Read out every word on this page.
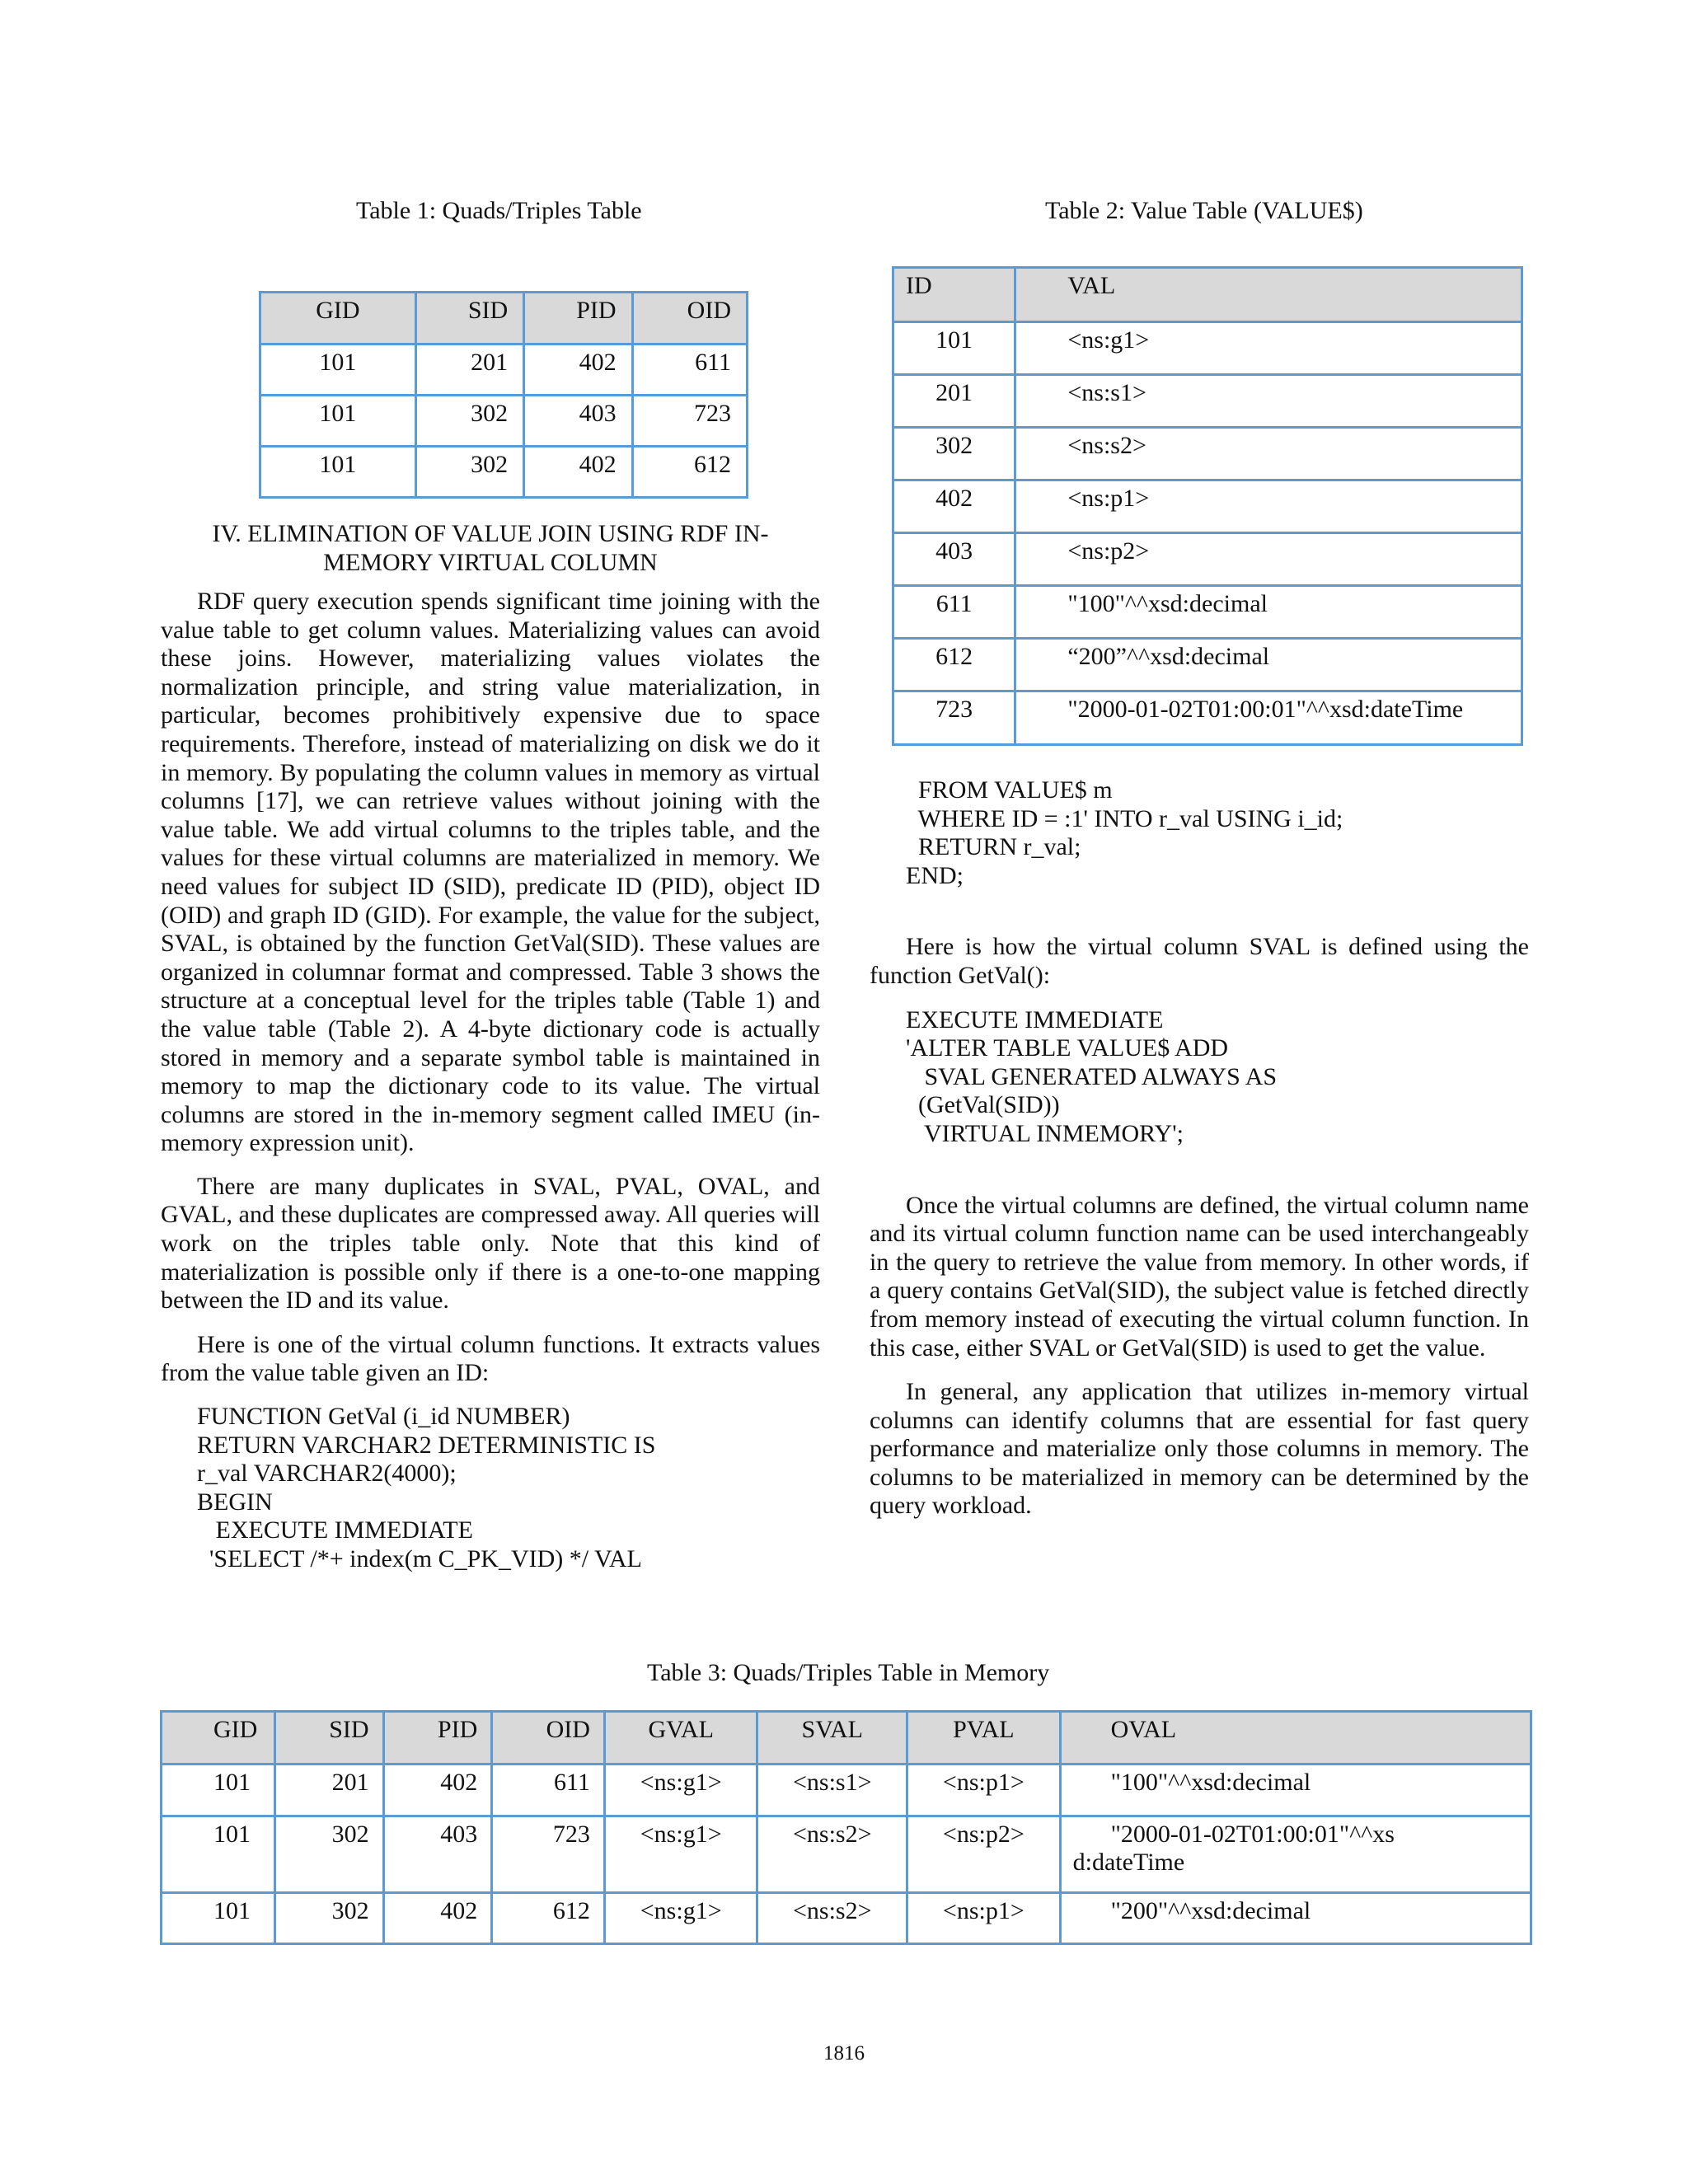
Table 1: Quads/Triples Table
GID	SID	PID	OID
101	201	402	611
101	302	403	723
101	302	402	612
IV. ELIMINATION OF VALUE JOIN USING RDF IN-
MEMORY VIRTUAL COLUMN

RDF query execution spends significant time joining with the value table to get column values. Materializing values can avoid these joins. However, materializing values violates the normalization principle, and string value materialization, in particular, becomes prohibitively expensive due to space requirements. Therefore, instead of materializing on disk we do it in memory. By populating the column values in memory as virtual columns [17], we can retrieve values without joining with the value table. We add virtual columns to the triples table, and the values for these virtual columns are materialized in memory. We need values for subject ID (SID), predicate ID (PID), object ID (OID) and graph ID (GID). For example, the value for the subject, SVAL, is obtained by the function GetVal(SID). These values are organized in columnar format and compressed. Table 3 shows the structure at a conceptual level for the triples table (Table 1) and the value table (Table 2). A 4-byte dictionary code is actually stored in memory and a separate symbol table is maintained in memory to map the dictionary code to its value. The virtual columns are stored in the in-memory segment called IMEU (in-memory expression unit).

There are many duplicates in SVAL, PVAL, OVAL, and GVAL, and these duplicates are compressed away. All queries will work on the triples table only. Note that this kind of materialization is possible only if there is a one-to-one mapping between the ID and its value.

Here is one of the virtual column functions. It extracts values from the value table given an ID:

FUNCTION GetVal (i_id NUMBER)
RETURN VARCHAR2 DETERMINISTIC IS
r_val VARCHAR2(4000);
BEGIN
EXECUTE IMMEDIATE
'SELECT /*+ index(m C_PK_VID) */ VAL
Table 2: Value Table (VALUE$)
ID	VAL
101	<ns:g1>
201	<ns:s1>
302	<ns:s2>
402	<ns:p1>
403	<ns:p2>
611	"100"^^xsd:decimal
612	“200”^^xsd:decimal
723	"2000-01-02T01:00:01"^^xsd:dateTime
FROM VALUE$ m
WHERE ID = :1' INTO r_val USING i_id;
RETURN r_val;
END;

Here is how the virtual column SVAL is defined using the function GetVal():

EXECUTE IMMEDIATE
'ALTER TABLE VALUE$ ADD
SVAL GENERATED ALWAYS AS
(GetVal(SID))
VIRTUAL INMEMORY';

Once the virtual columns are defined, the virtual column name and its virtual column function name can be used interchangeably in the query to retrieve the value from memory. In other words, if a query contains GetVal(SID), the subject value is fetched directly from memory instead of executing the virtual column function. In this case, either SVAL or GetVal(SID) is used to get the value.

In general, any application that utilizes in-memory virtual columns can identify columns that are essential for fast query performance and materialize only those columns in memory. The columns to be materialized in memory can be determined by the query workload.

Table 3: Quads/Triples Table in Memory
GID	SID	PID	OID	GVAL	SVAL	PVAL	OVAL
101	201	402	611	<ns:g1>	<ns:s1>	<ns:p1>	"100"^^xsd:decimal
101	302	403	723	<ns:g1>	<ns:s2>	<ns:p2>	"2000-01-02T01:00:01"^^xsd:dateTime

101	302	402	612	<ns:g1>	<ns:s2>	<ns:p1>	"200"^^xsd:decimal
1816
